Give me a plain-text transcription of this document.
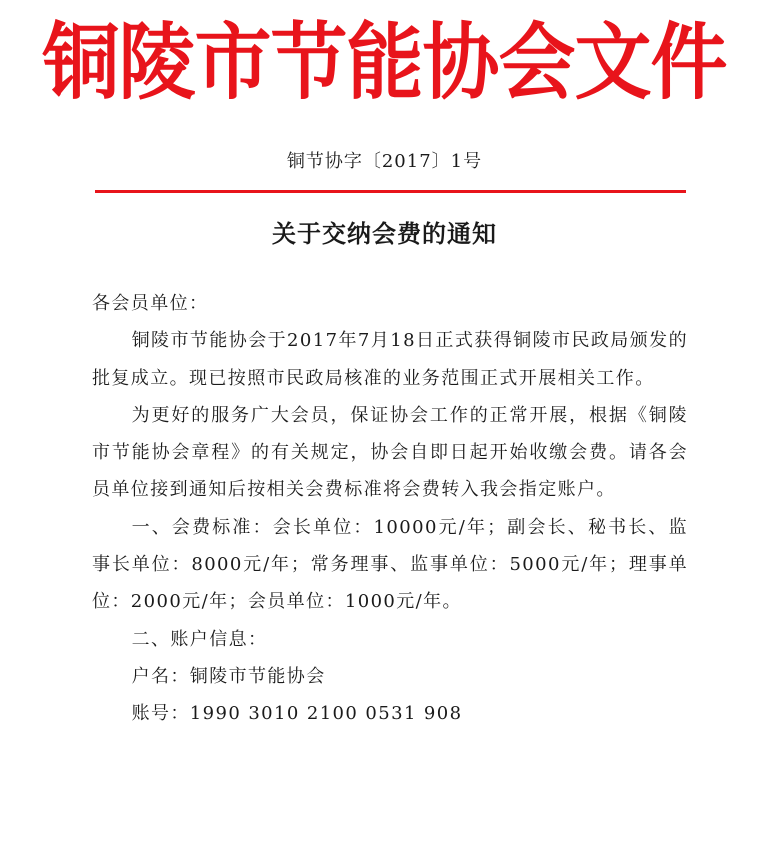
铜陵市节能协会文件
铜节协字〔2017〕1号
关于交纳会费的通知

各会员单位：

铜陵市节能协会于2017年7月18日正式获得铜陵市民政局颁发的批复成立。现已按照市民政局核准的业务范围正式开展相关工作。

为更好的服务广大会员，保证协会工作的正常开展，根据《铜陵市节能协会章程》的有关规定，协会自即日起开始收缴会费。请各会员单位接到通知后按相关会费标准将会费转入我会指定账户。

一、会费标准：会长单位：10000元/年；副会长、秘书长、监事长单位：8000元/年；常务理事、监事单位：5000元/年；理事单位：2000元/年；会员单位：1000元/年。

二、账户信息：

户名：铜陵市节能协会

账号：1990 3010 2100 0531 908
